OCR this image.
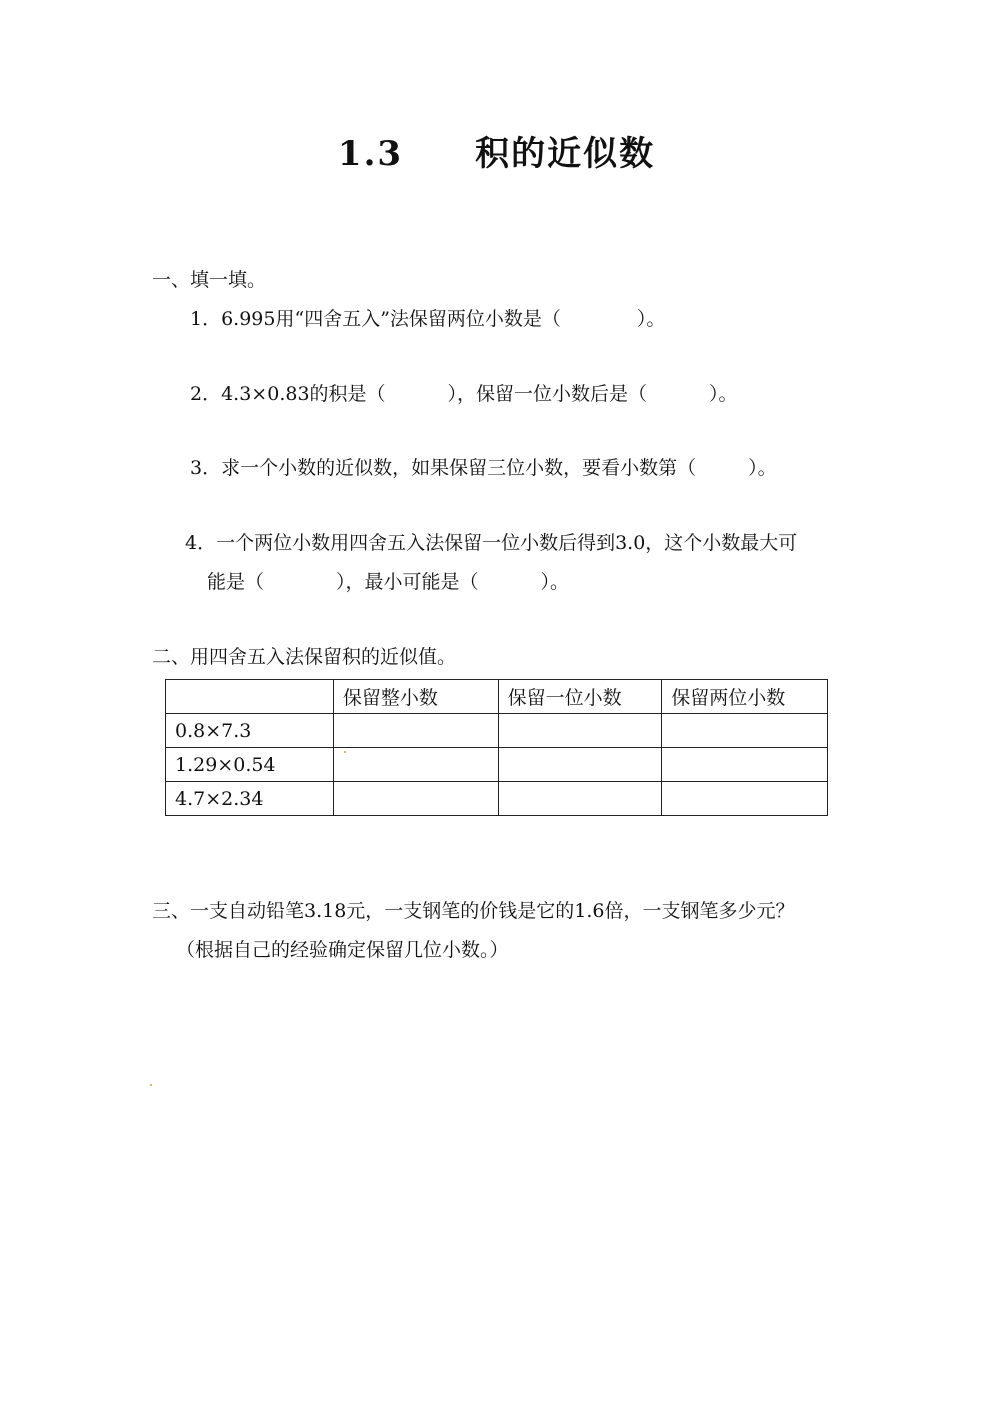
1.3 积的近似数
一、填一填。
1．6.995用“四舍五入”法保留两位小数是（	）。
2．4.3×0.83的积是（	），保留一位小数后是（	）。
3．求一个小数的近似数，如果保留三位小数，要看小数第（	）。
4．一个两位小数用四舍五入法保留一位小数后得到3.0，这个小数最大可
能是（	），最小可能是（	）。
二、用四舍五入法保留积的近似值。
	保留整小数	保留一位小数	保留两位小数
0.8×7.3			
1.29×0.54			
4.7×2.34			
三、一支自动铅笔3.18元，一支钢笔的价钱是它的1.6倍，一支钢笔多少元？
（根据自己的经验确定保留几位小数。）
